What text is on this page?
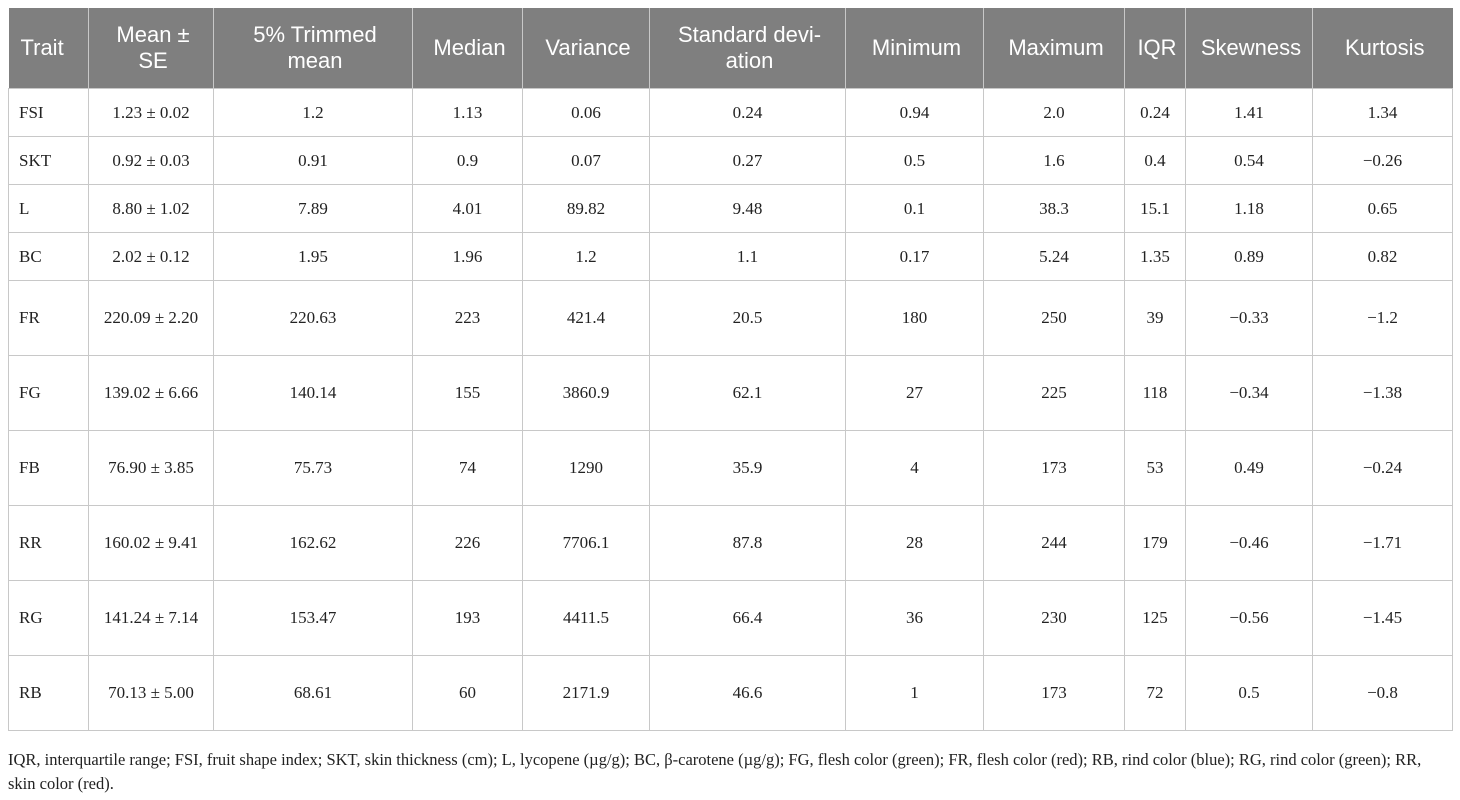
Trait	Mean ± SE	5% Trimmed mean	Median	Variance	Standard devi-ation	Minimum	Maximum	IQR	Skewness	Kurtosis
FSI	1.23 ± 0.02	1.2	1.13	0.06	0.24	0.94	2.0	0.24	1.41	1.34
SKT	0.92 ± 0.03	0.91	0.9	0.07	0.27	0.5	1.6	0.4	0.54	−0.26
L	8.80 ± 1.02	7.89	4.01	89.82	9.48	0.1	38.3	15.1	1.18	0.65
BC	2.02 ± 0.12	1.95	1.96	1.2	1.1	0.17	5.24	1.35	0.89	0.82
FR	220.09 ± 2.20	220.63	223	421.4	20.5	180	250	39	−0.33	−1.2
FG	139.02 ± 6.66	140.14	155	3860.9	62.1	27	225	118	−0.34	−1.38
FB	76.90 ± 3.85	75.73	74	1290	35.9	4	173	53	0.49	−0.24
RR	160.02 ± 9.41	162.62	226	7706.1	87.8	28	244	179	−0.46	−1.71
RG	141.24 ± 7.14	153.47	193	4411.5	66.4	36	230	125	−0.56	−1.45
RB	70.13 ± 5.00	68.61	60	2171.9	46.6	1	173	72	0.5	−0.8
IQR, interquartile range; FSI, fruit shape index; SKT, skin thickness (cm); L, lycopene (µg/g); BC, β-carotene (µg/g); FG, flesh color (green); FR, flesh color (red); RB, rind color (blue); RG, rind color (green); RR, skin color (red).
